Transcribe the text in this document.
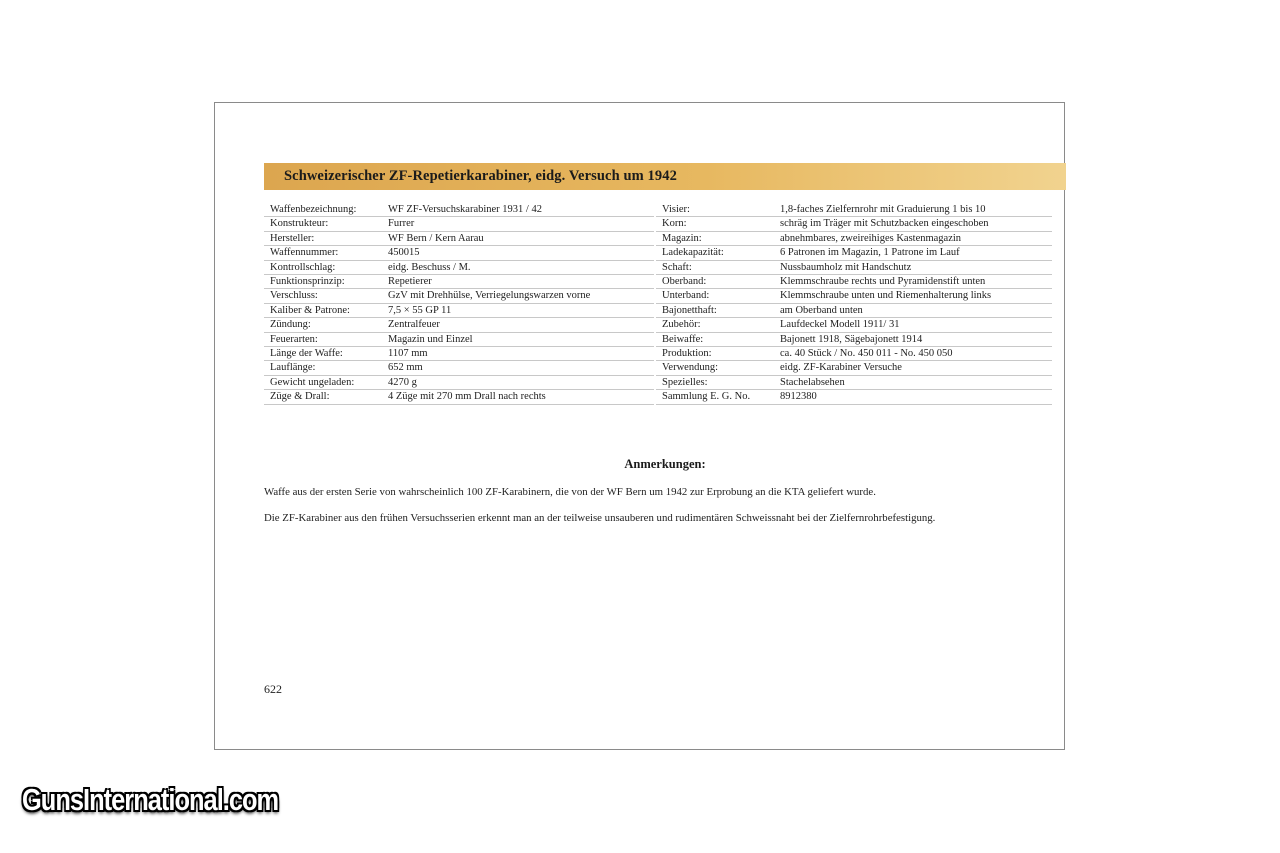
Schweizerischer ZF-Repetierkarabiner, eidg. Versuch um 1942
Waffenbezeichnung:	WF ZF-Versuchskarabiner 1931 / 42
Konstrukteur:	Furrer
Hersteller:	WF Bern / Kern Aarau
Waffennummer:	450015
Kontrollschlag:	eidg. Beschuss / M.
Funktionsprinzip:	Repetierer
Verschluss:	GzV mit Drehhülse, Verriegelungswarzen vorne
Kaliber & Patrone:	7,5 × 55 GP 11
Zündung:	Zentralfeuer
Feuerarten:	Magazin und Einzel
Länge der Waffe:	1107 mm
Lauflänge:	652 mm
Gewicht ungeladen:	4270 g
Züge & Drall:	4 Züge mit 270 mm Drall nach rechts
Visier:	1,8-faches Zielfernrohr mit Graduierung 1 bis 10
Korn:	schräg im Träger mit Schutzbacken eingeschoben
Magazin:	abnehmbares, zweireihiges Kastenmagazin
Ladekapazität:	6 Patronen im Magazin, 1 Patrone im Lauf
Schaft:	Nussbaumholz mit Handschutz
Oberband:	Klemmschraube rechts und Pyramidenstift unten
Unterband:	Klemmschraube unten und Riemenhalterung links
Bajonetthaft:	am Oberband unten
Zubehör:	Laufdeckel Modell 1911/ 31
Beiwaffe:	Bajonett 1918, Sägebajonett 1914
Produktion:	ca. 40 Stück / No. 450 011 - No. 450 050
Verwendung:	eidg. ZF-Karabiner Versuche
Spezielles:	Stachelabsehen
Sammlung E. G. No.	8912380
Anmerkungen:
Waffe aus der ersten Serie von wahrscheinlich 100 ZF-Karabinern, die von der WF Bern um 1942 zur Erprobung an die KTA geliefert wurde.
Die ZF-Karabiner aus den frühen Versuchsserien erkennt man an der teilweise unsauberen und rudimentären Schweissnaht bei der Zielfernrohrbefestigung.
622
GunsInternational.com
